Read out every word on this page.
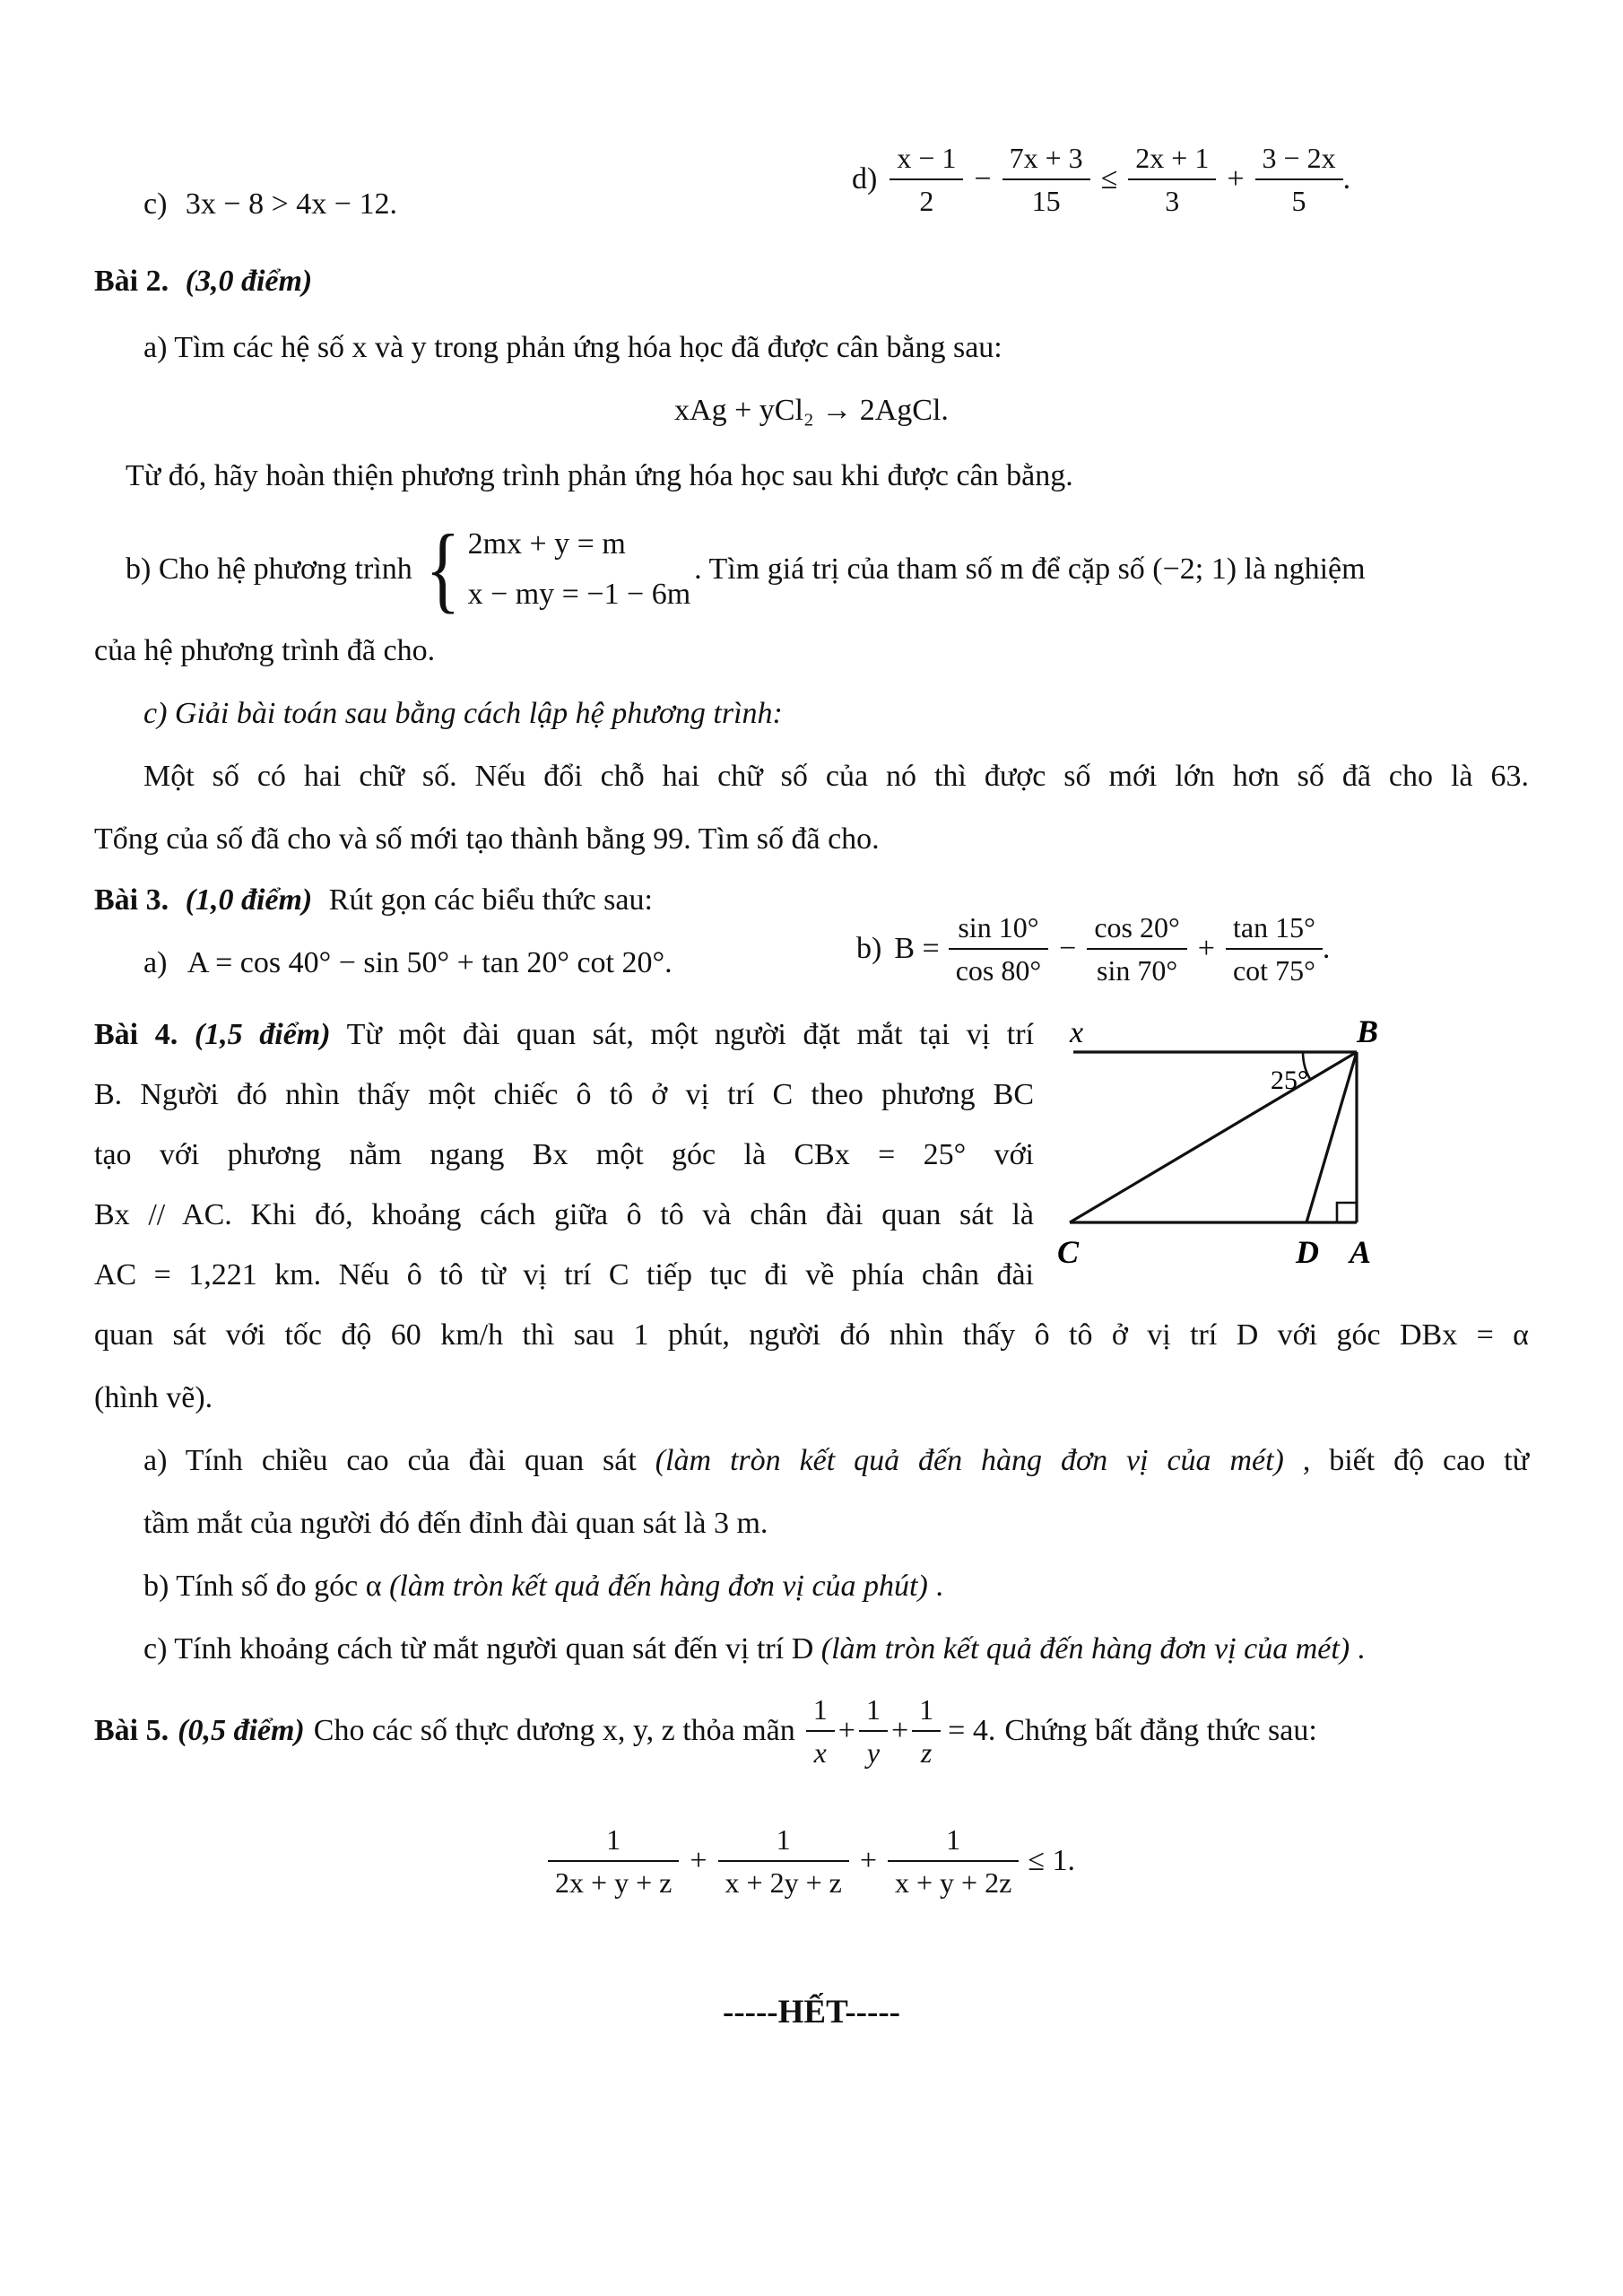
c) 3x − 8 > 4x − 12.
$d) \frac{x - 1}{2} - \frac{7x + 3}{15} \le \frac{2x + 1}{3} + \frac{3 - 2x}{5}$ .
Bài 2. (3,0 điểm)
a) Tìm các hệ số x và y trong phản ứng hóa học đã được cân bằng sau:
xAg + yCl₂ → 2AgCl.
Từ đó, hãy hoàn thiện phương trình phản ứng hóa học sau khi được cân bằng.
b) Cho hệ phương trình { 2mx + y = m
x − my = −1 − 6m
. Tìm giá trị của tham số m để cặp số (−2; 1) là nghiệm
của hệ phương trình đã cho.
c) Giải bài toán sau bằng cách lập hệ phương trình:
Một số có hai chữ số. Nếu đổi chỗ hai chữ số của nó thì được số mới lớn hơn số đã cho là 63.
Tổng của số đã cho và số mới tạo thành bằng 99. Tìm số đã cho.
Bài 3. (1,0 điểm) Rút gọn các biểu thức sau:
a) A = cos 40° − sin 50° + tan 20° cot 20°.	b) $B = \frac{\sin 10^\circ}{\cos 80^\circ} - \frac{\cos 20^\circ}{\sin 70^\circ} + \frac{\tan 15^\circ}{\cot 75^\circ}$ .
Bài 4. (1,5 điểm) Từ một đài quan sát, một người đặt mắt tại vị trí
B. Người đó nhìn thấy một chiếc ô tô ở vị trí C theo phương BC
tạo với phương nằm ngang Bx một góc là CBx = 25° với
Bx // AC. Khi đó, khoảng cách giữa ô tô và chân đài quan sát là
AC = 1,221 km. Nếu ô tô từ vị trí C tiếp tục đi về phía chân đài
quan sát với tốc độ 60 km/h thì sau 1 phút, người đó nhìn thấy ô tô ở vị trí D với góc DBx = α
(hình vẽ).
x	B
25°
C	D A
a) Tính chiều cao của đài quan sát (làm tròn kết quả đến hàng đơn vị của mét) , biết độ cao từ
tầm mắt của người đó đến đỉnh đài quan sát là 3 m.
b) Tính số đo góc α (làm tròn kết quả đến hàng đơn vị của phút) .
c) Tính khoảng cách từ mắt người quan sát đến vị trí D (làm tròn kết quả đến hàng đơn vị của mét) .
Bài 5. (0,5 điểm) Cho các số thực dương x, y, z thỏa mãn $\frac{1}{x} + \frac{1}{y} + \frac{1}{z} = 4$. Chứng bất đẳng thức sau:
$\frac{1}{2x + y + z} + \frac{1}{x + 2y + z} + \frac{1}{x + y + 2z} \le 1$.
-----HẾT-----
